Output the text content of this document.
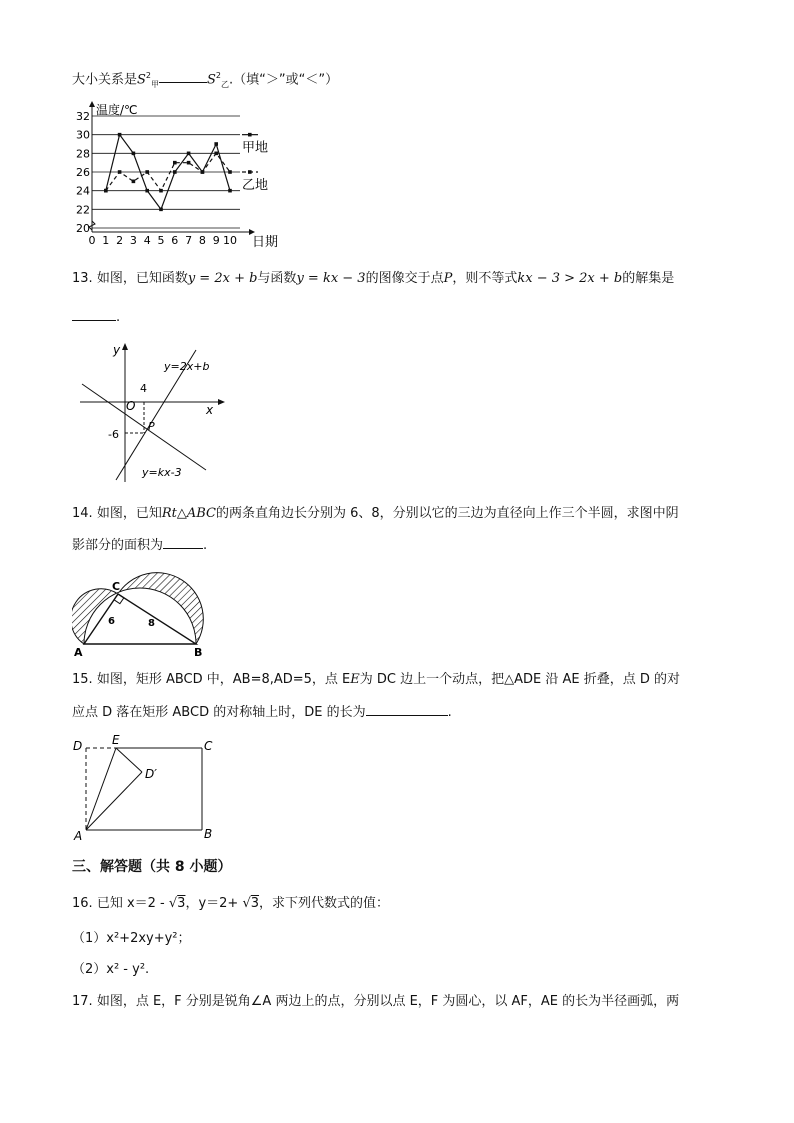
大小关系是$S^2_甲$	$S^2_乙$.（填“＞”或“＜”）
20
22
24
26
28
30
32
0 1 2 3 4 5 6 7 8 9 10
温度/℃
日期
甲地
乙地
13. 如图，已知函数y = 2x + b与函数y = kx − 3的图像交于点P，则不等式kx − 3 > 2x + b的解集是
.
y
x
O
4
-6
P
y=2x+b
y=kx-3
14. 如图，已知Rt△ABC的两条直角边长分别为 6、8，分别以它的三边为直径向上作三个半圆，求图中阴
影部分的面积为	.
A	B
C
6	8
15. 如图，矩形 ABCD 中，AB=8,AD=5，点 EE为 DC 边上一个动点，把△ADE 沿 AE 折叠，点 D 的对
应点 D 落在矩形 ABCD 的对称轴上时，DE 的长为	.
D E	C
A	B
D′
三、解答题（共 8 小题）
16. 已知 x＝2 - √3，y＝2+ √3，求下列代数式的值：
（1）x²+2xy+y²；
（2）x² - y².
17. 如图，点 E，F 分别是锐角∠A 两边上的点，分别以点 E，F 为圆心，以 AF，AE 的长为半径画弧，两
